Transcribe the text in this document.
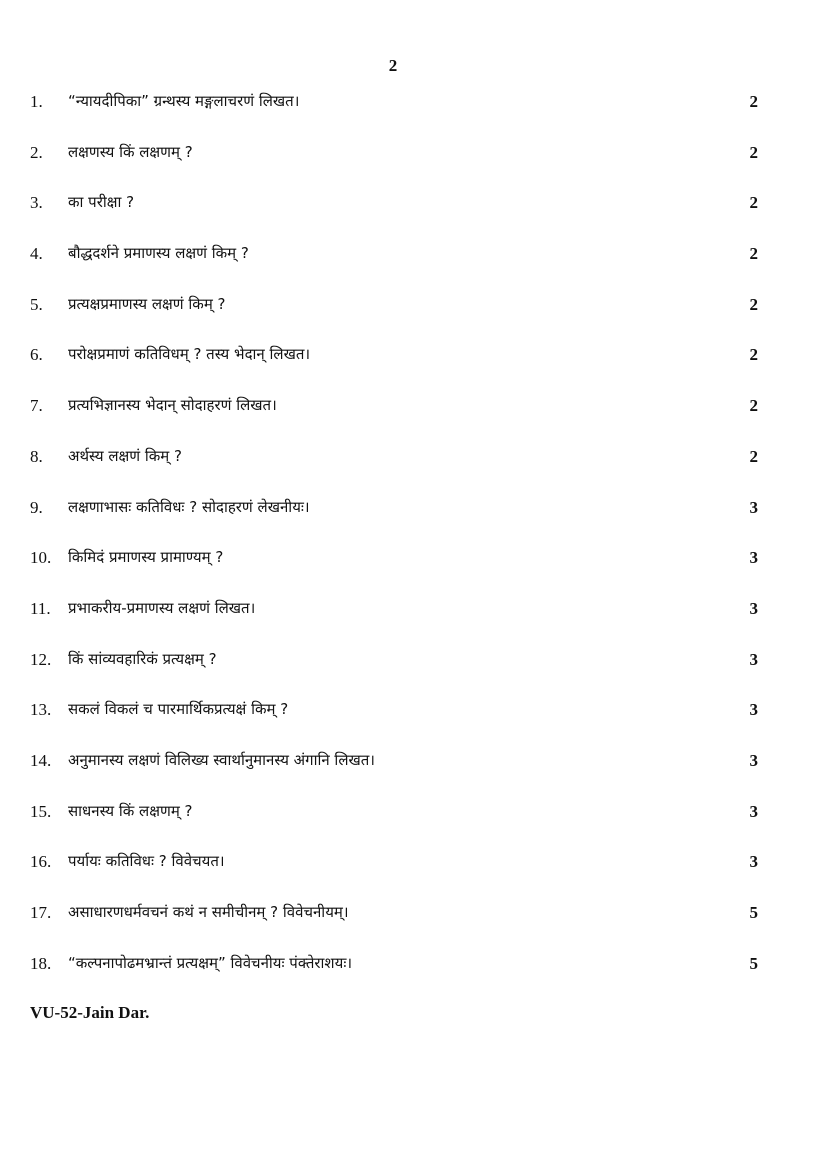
2
1. “न्यायदीपिका” ग्रन्थस्य मङ्गलाचरणं लिखत।	2
2. लक्षणस्य किं लक्षणम् ?	2
3. का परीक्षा ?	2
4. बौद्धदर्शने प्रमाणस्य लक्षणं किम् ?	2
5. प्रत्यक्षप्रमाणस्य लक्षणं किम् ?	2
6. परोक्षप्रमाणं कतिविधम् ? तस्य भेदान् लिखत।	2
7. प्रत्यभिज्ञानस्य भेदान् सोदाहरणं लिखत।	2
8. अर्थस्य लक्षणं किम् ?	2
9. लक्षणाभासः कतिविधः ? सोदाहरणं लेखनीयः।	3
10. किमिदं प्रमाणस्य प्रामाण्यम् ?	3
11. प्रभाकरीय-प्रमाणस्य लक्षणं लिखत।	3
12. किं सांव्यवहारिकं प्रत्यक्षम् ?	3
13. सकलं विकलं च पारमार्थिकप्रत्यक्षं किम् ?	3
14. अनुमानस्य लक्षणं विलिख्य स्वार्थानुमानस्य अंगानि लिखत।	3
15. साधनस्य किं लक्षणम् ?	3
16. पर्यायः कतिविधः ? विवेचयत।	3
17. असाधारणधर्मवचनं कथं न समीचीनम् ? विवेचनीयम्।	5
18. “कल्पनापोढमभ्रान्तं प्रत्यक्षम्” विवेचनीयः पंक्तेराशयः।	5
VU-52-Jain Dar.
